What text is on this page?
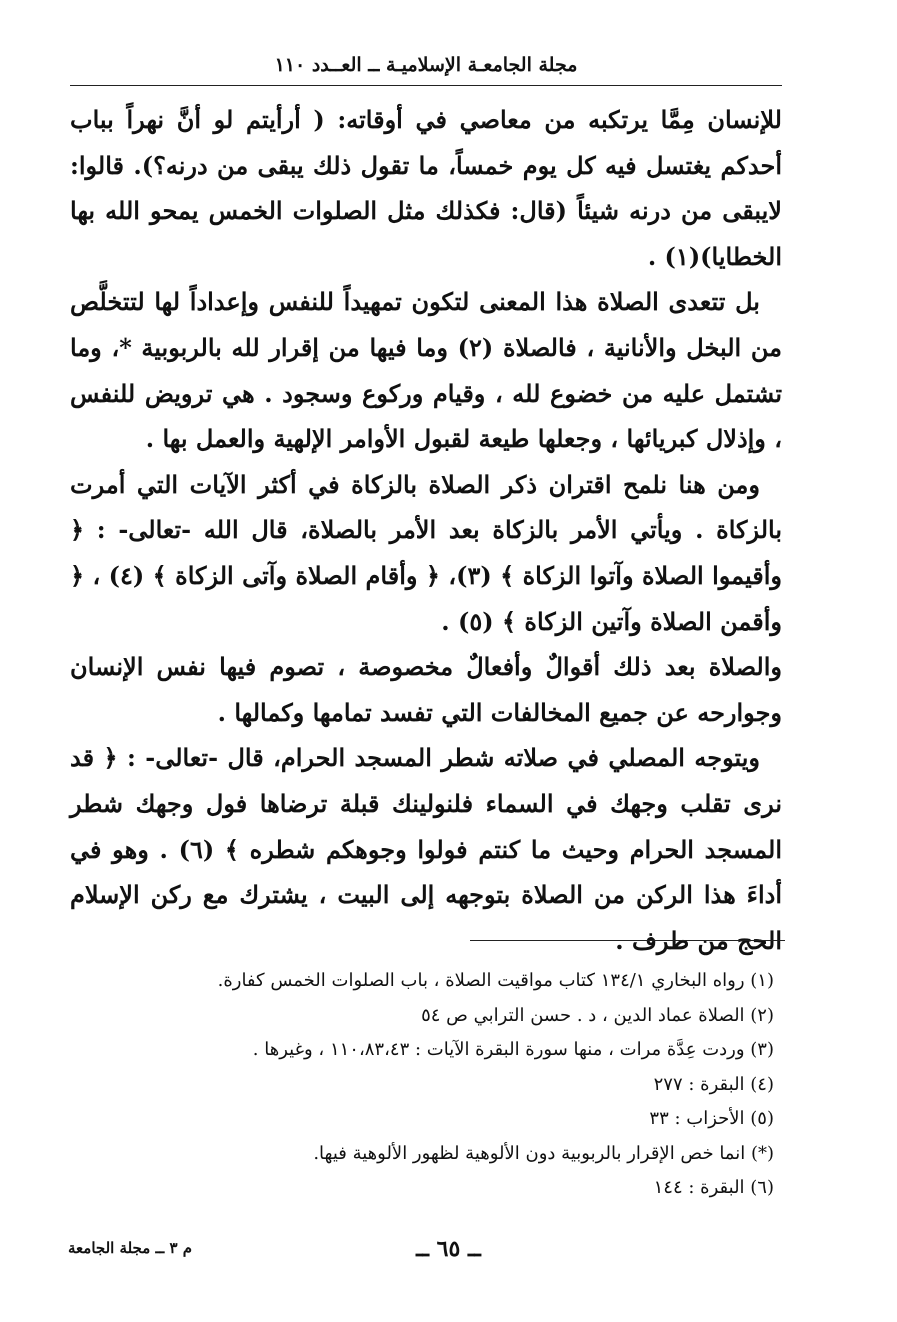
مجلة الجامعـة الإسلاميـة ــ العــدد ١١٠

للإنسان مِمَّا يرتكبه من معاصي في أوقاته: ( أرأيتم لو أنَّ نهراً بباب أحدكم يغتسل فيه كل يوم خمساً، ما تقول ذلك يبقى من درنه؟). قالوا: لايبقى من درنه شيئاً (قال: فكذلك مثل الصلوات الخمس يمحو الله بها الخطايا)(١) .

بل تتعدى الصلاة هذا المعنى لتكون تمهيداً للنفس وإعداداً لها لتتخلَّص من البخل والأنانية ، فالصلاة (٢) وما فيها من إقرار لله بالربوبية *، وما تشتمل عليه من خضوع لله ، وقيام وركوع وسجود . هي ترويض للنفس ، وإذلال كبريائها ، وجعلها طيعة لقبول الأوامر الإلهية والعمل بها .

ومن هنا نلمح اقتران ذكر الصلاة بالزكاة في أكثر الآيات التي أمرت بالزكاة . ويأتي الأمر بالزكاة بعد الأمر بالصلاة، قال الله -تعالى- : ﴿ وأقيموا الصلاة وآتوا الزكاة ﴾ (٣)، ﴿ وأقام الصلاة وآتى الزكاة ﴾ (٤) ، ﴿ وأقمن الصلاة وآتين الزكاة ﴾ (٥) .

والصلاة بعد ذلك أقوالٌ وأفعالٌ مخصوصة ، تصوم فيها نفس الإنسان وجوارحه عن جميع المخالفات التي تفسد تمامها وكمالها .

ويتوجه المصلي في صلاته شطر المسجد الحرام، قال -تعالى- : ﴿ قد نرى تقلب وجهك في السماء فلنولينك قبلة ترضاها فول وجهك شطر المسجد الحرام وحيث ما كنتم فولوا وجوهكم شطره ﴾ (٦) . وهو في أداءَ هذا الركن من الصلاة بتوجهه إلى البيت ، يشترك مع ركن الإسلام الحج من طرف .

(١) رواه البخاري ١٣٤/١ كتاب مواقيت الصلاة ، باب الصلوات الخمس كفارة.
(٢) الصلاة عماد الدين ، د . حسن الترابي ص ٥٤
(٣) وردت عِدَّة مرات ، منها سورة البقرة الآيات : ١١٠،٨٣،٤٣ ، وغيرها .
(٤) البقرة : ٢٧٧
(٥) الأحزاب : ٣٣
(*) انما خص الإقرار بالربوبية دون الألوهية لظهور الألوهية فيها.
(٦) البقرة : ١٤٤
ــ ٦٥ ــ
م ٣ ــ مجلة الجامعة
